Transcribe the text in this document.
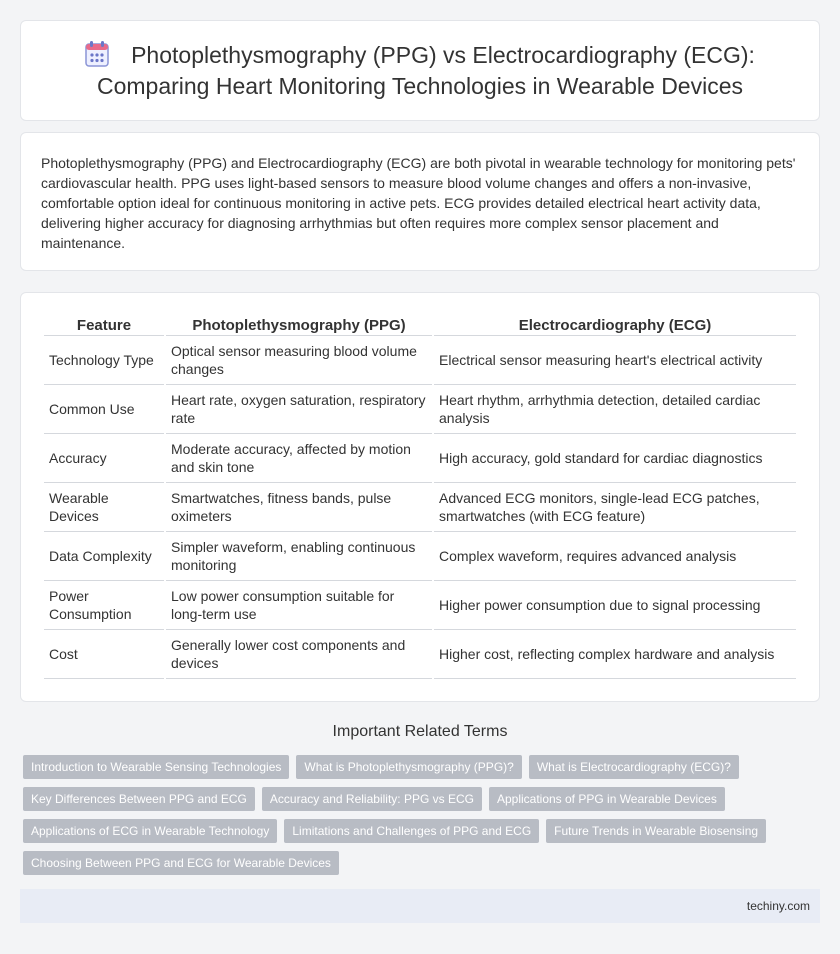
Photoplethysmography (PPG) vs Electrocardiography (ECG):
Comparing Heart Monitoring Technologies in Wearable Devices

Photoplethysmography (PPG) and Electrocardiography (ECG) are both pivotal in wearable technology for monitoring pets' cardiovascular health. PPG uses light-based sensors to measure blood volume changes and offers a non-invasive, comfortable option ideal for continuous monitoring in active pets. ECG provides detailed electrical heart activity data, delivering higher accuracy for diagnosing arrhythmias but often requires more complex sensor placement and maintenance.

Feature	Photoplethysmography (PPG)	Electrocardiography (ECG)
Technology Type	Optical sensor measuring blood volume changes	Electrical sensor measuring heart's electrical activity
Common Use	Heart rate, oxygen saturation, respiratory rate	Heart rhythm, arrhythmia detection, detailed cardiac analysis
Accuracy	Moderate accuracy, affected by motion and skin tone	High accuracy, gold standard for cardiac diagnostics
Wearable Devices	Smartwatches, fitness bands, pulse oximeters	Advanced ECG monitors, single-lead ECG patches, smartwatches (with ECG feature)
Data Complexity	Simpler waveform, enabling continuous monitoring	Complex waveform, requires advanced analysis
Power Consumption	Low power consumption suitable for long-term use	Higher power consumption due to signal processing
Cost	Generally lower cost components and devices	Higher cost, reflecting complex hardware and analysis
Important Related Terms
Introduction to Wearable Sensing Technologies	What is Photoplethysmography (PPG)?	What is Electrocardiography (ECG)?
Key Differences Between PPG and ECG	Accuracy and Reliability: PPG vs ECG	Applications of PPG in Wearable Devices
Applications of ECG in Wearable Technology	Limitations and Challenges of PPG and ECG	Future Trends in Wearable Biosensing
Choosing Between PPG and ECG for Wearable Devices
techiny.com
